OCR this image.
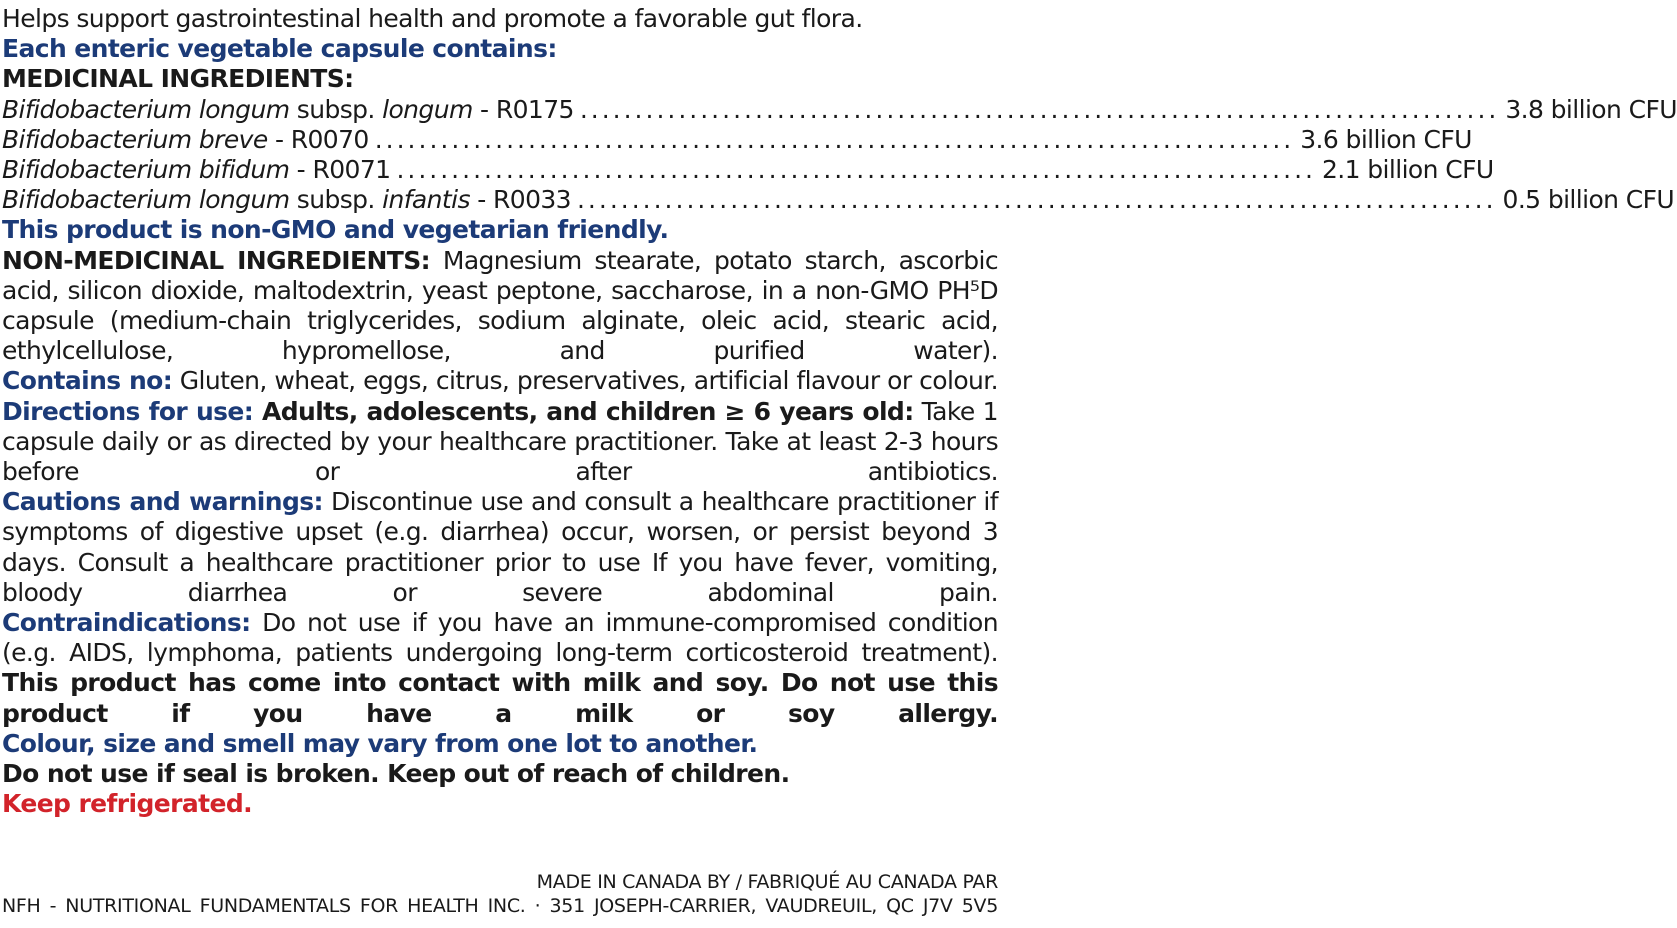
Helps support gastrointestinal health and promote a favorable gut flora.
Each enteric vegetable capsule contains:
MEDICINAL INGREDIENTS:
Bifidobacterium longum subsp. longum - R0175 .................................................................................... 3.8 billion CFU
Bifidobacterium breve - R0070 .................................................................................... 3.6 billion CFU
Bifidobacterium bifidum - R0071 .................................................................................... 2.1 billion CFU
Bifidobacterium longum subsp. infantis - R0033 .................................................................................... 0.5 billion CFU
This product is non-GMO and vegetarian friendly.
NON-MEDICINAL INGREDIENTS: Magnesium stearate, potato starch, ascorbic acid, silicon dioxide, maltodextrin, yeast peptone, saccharose, in a non-GMO PH⁵D capsule (medium-chain triglycerides, sodium alginate, oleic acid, stearic acid, ethylcellulose, hypromellose, and purified water).
Contains no: Gluten, wheat, eggs, citrus, preservatives, artificial flavour or colour.
Directions for use: Adults, adolescents, and children ≥ 6 years old: Take 1 capsule daily or as directed by your healthcare practitioner. Take at least 2-3 hours before or after antibiotics.
Cautions and warnings: Discontinue use and consult a healthcare practitioner if symptoms of digestive upset (e.g. diarrhea) occur, worsen, or persist beyond 3 days. Consult a healthcare practitioner prior to use If you have fever, vomiting, bloody diarrhea or severe abdominal pain.
Contraindications: Do not use if you have an immune-compromised condition (e.g. AIDS, lymphoma, patients undergoing long-term corticosteroid treatment). This product has come into contact with milk and soy. Do not use this product if you have a milk or soy allergy.
Colour, size and smell may vary from one lot to another.
Do not use if seal is broken. Keep out of reach of children.
Keep refrigerated.
MADE IN CANADA BY / FABRIQUÉ AU CANADA PAR
NFH - NUTRITIONAL FUNDAMENTALS FOR HEALTH INC. · 351 JOSEPH-CARRIER, VAUDREUIL, QC J7V 5V5
